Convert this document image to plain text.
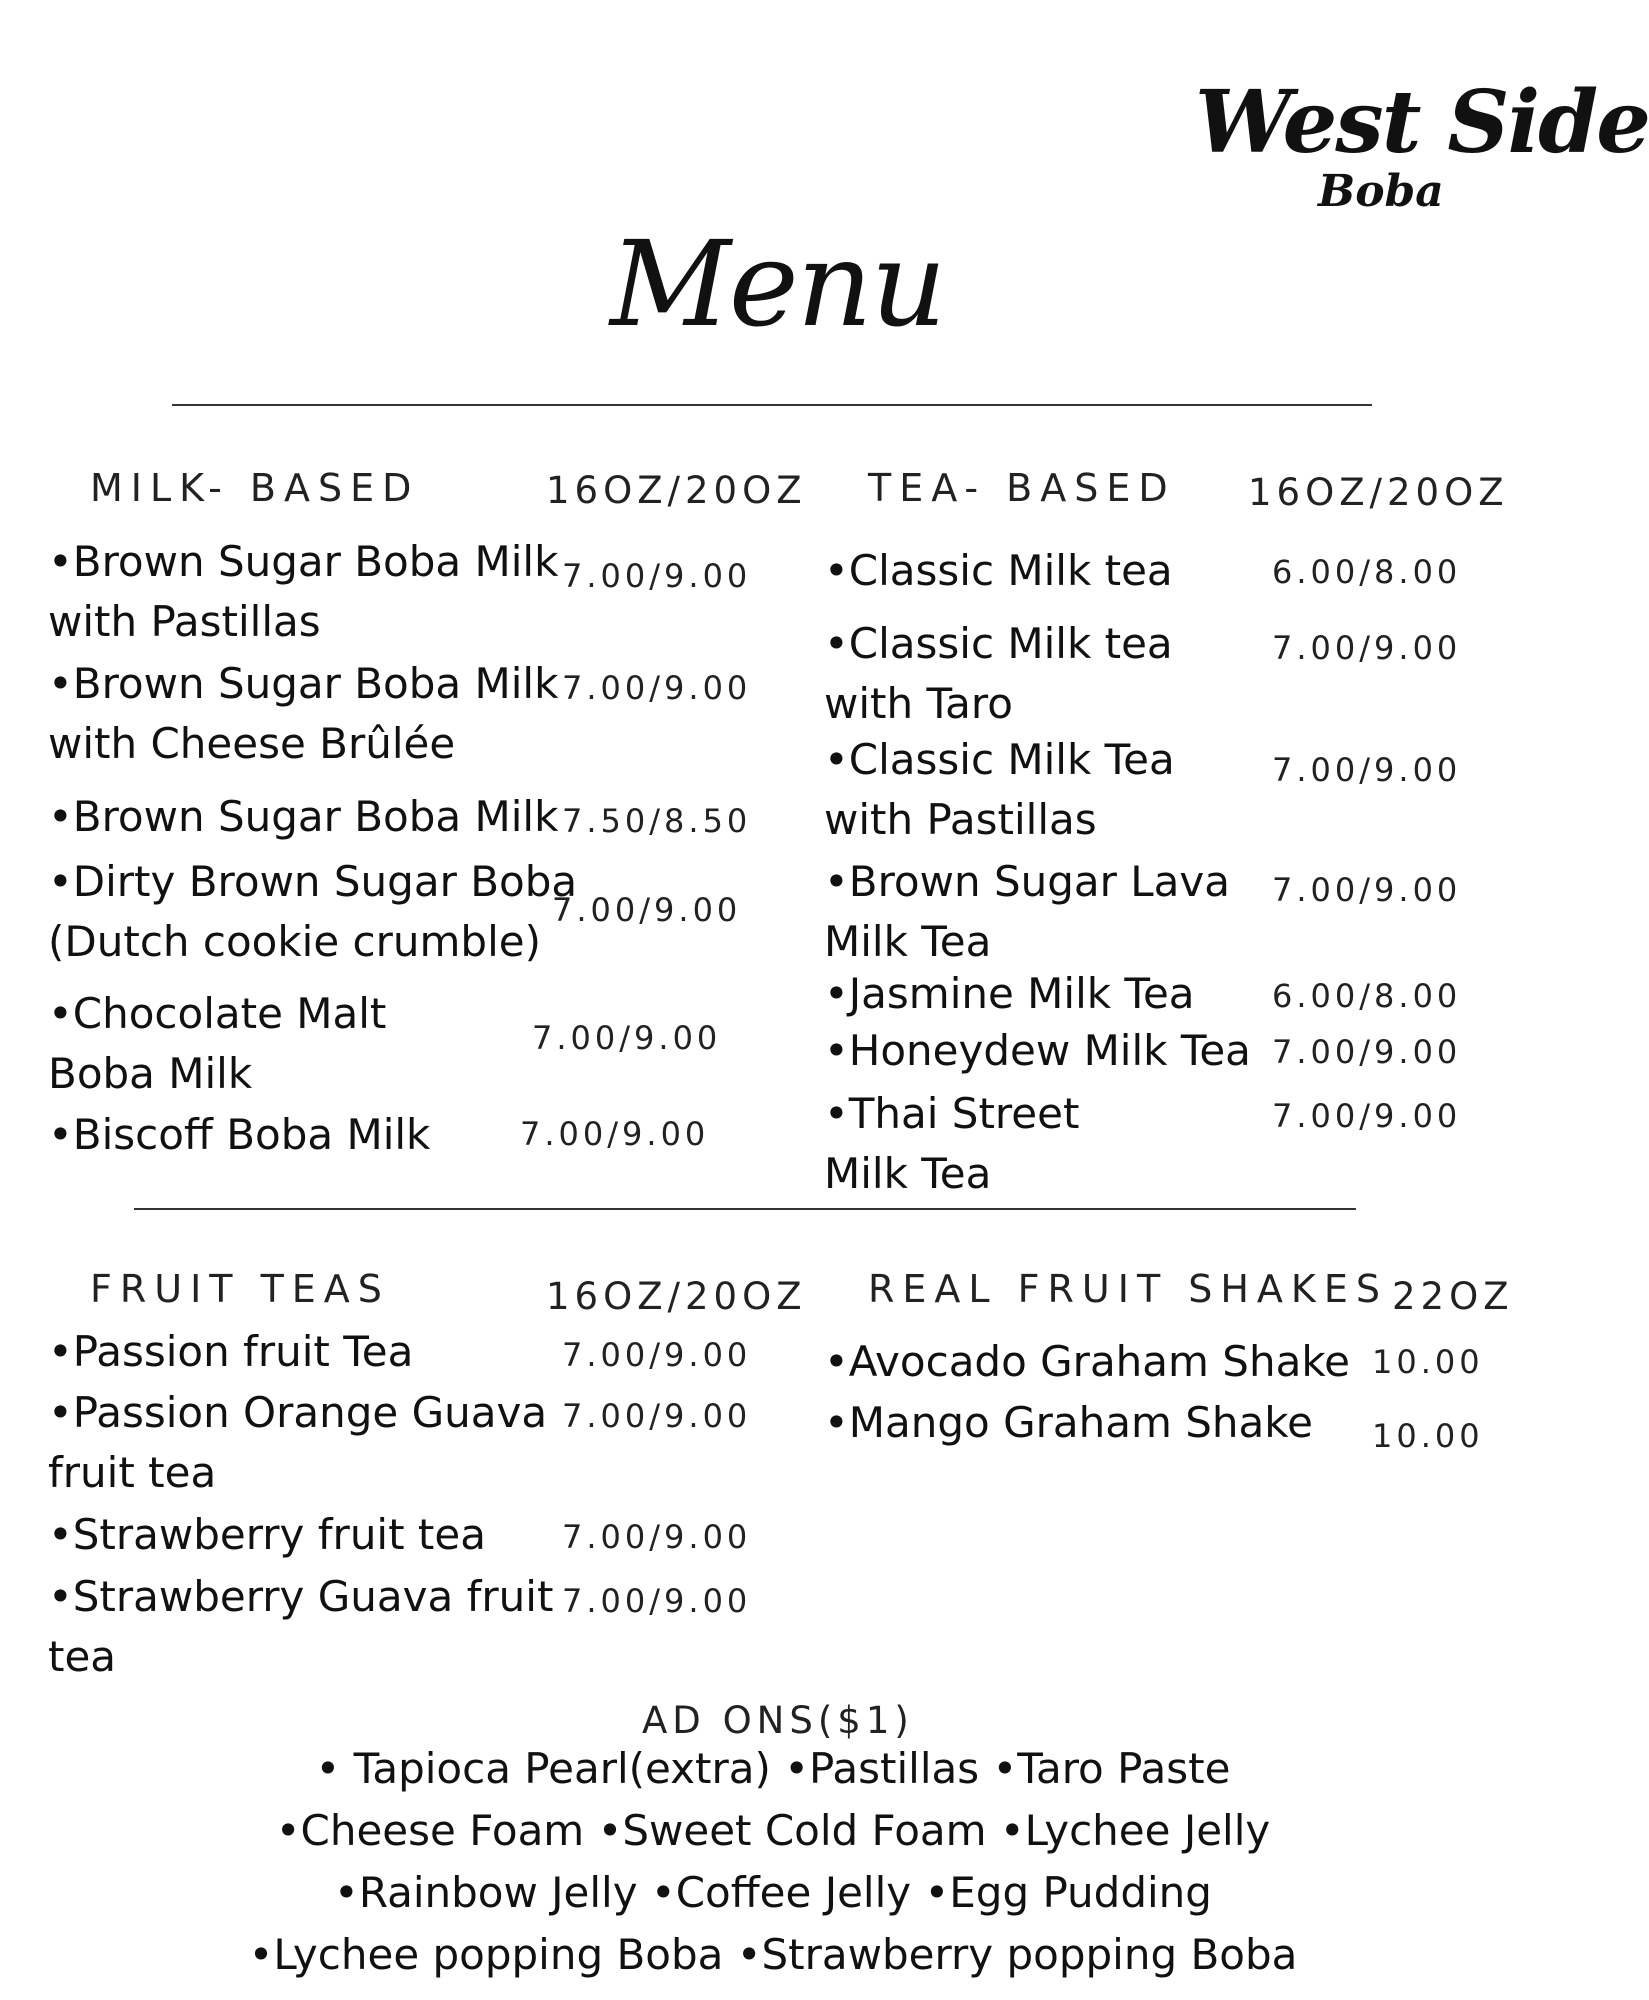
West Side
Boba
Menu
MILK- BASED	16OZ/20OZ
•Brown Sugar Boba Milk
with Pastillas
7.00/9.00
•Brown Sugar Boba Milk
with Cheese Brûlée
7.00/9.00
•Brown Sugar Boba Milk 7.50/8.50
•Dirty Brown Sugar Boba
(Dutch cookie crumble)
7.00/9.00
•Chocolate Malt
Boba Milk
7.00/9.00
•Biscoff Boba Milk	7.00/9.00
TEA- BASED 16OZ/20OZ
•Classic Milk tea	6.00/8.00
•Classic Milk tea
with Taro
7.00/9.00
•Classic Milk Tea
with Pastillas
7.00/9.00
•Brown Sugar Lava
Milk Tea
7.00/9.00
•Jasmine Milk Tea 6.00/8.00
•Honeydew Milk Tea 7.00/9.00
•Thai Street
Milk Tea
7.00/9.00
FRUIT TEAS	16OZ/20OZ
•Passion fruit Tea	7.00/9.00
•Passion Orange Guava
fruit tea
7.00/9.00
•Strawberry fruit tea 7.00/9.00
•Strawberry Guava fruit
tea
7.00/9.00
REAL FRUIT SHAKES 22OZ
•Avocado Graham Shake 10.00
•Mango Graham Shake 10.00
AD ONS($1)
• Tapioca Pearl(extra) •Pastillas •Taro Paste
•Cheese Foam •Sweet Cold Foam •Lychee Jelly
•Rainbow Jelly •Coffee Jelly •Egg Pudding
•Lychee popping Boba •Strawberry popping Boba
